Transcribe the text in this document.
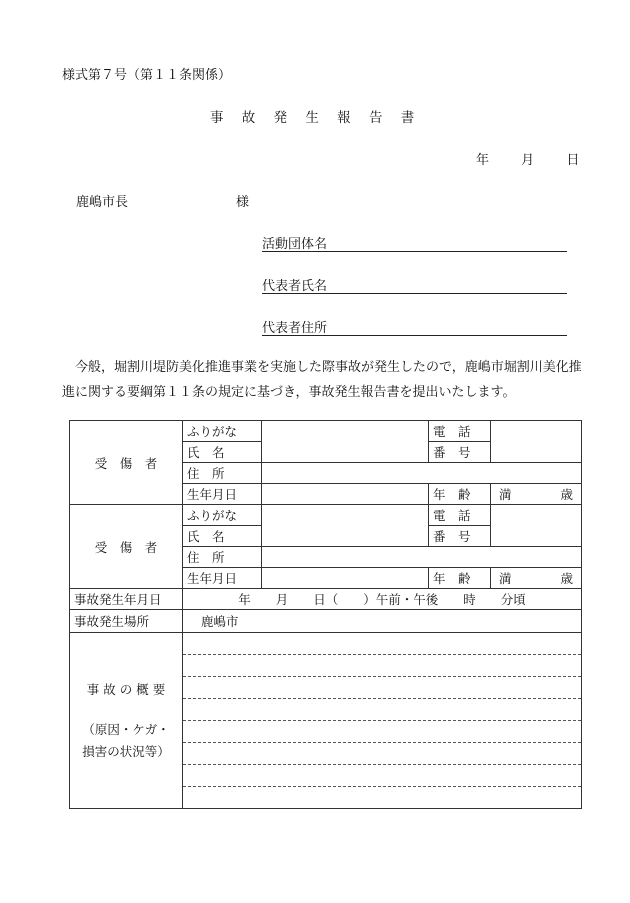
様式第７号（第１１条関係）
事 故 発 生 報 告 書
年 月 日
鹿嶋市長	様
活動団体名
代表者氏名
代表者住所
今般，堀割川堤防美化推進事業を実施した際事故が発生したので，鹿嶋市堀割川美化推進に関する要綱第１１条の規定に基づき，事故発生報告書を提出いたします。
受　傷　者	ふりがな		電　話	
	氏　名		番　号	
	住　所			
	生年月日		年　齢	満 歳

受　傷　者	ふりがな		電　話	
	氏　名		番　号	
	住　所			
	生年月日		年　齢	満 歳

事故発生年月日	年　　月　　日（　　）午前・午後　　時　　分頃			
事故発生場所	鹿嶋市			

事 故 の 概 要
（原因・ケガ・
損害の状況等）				
